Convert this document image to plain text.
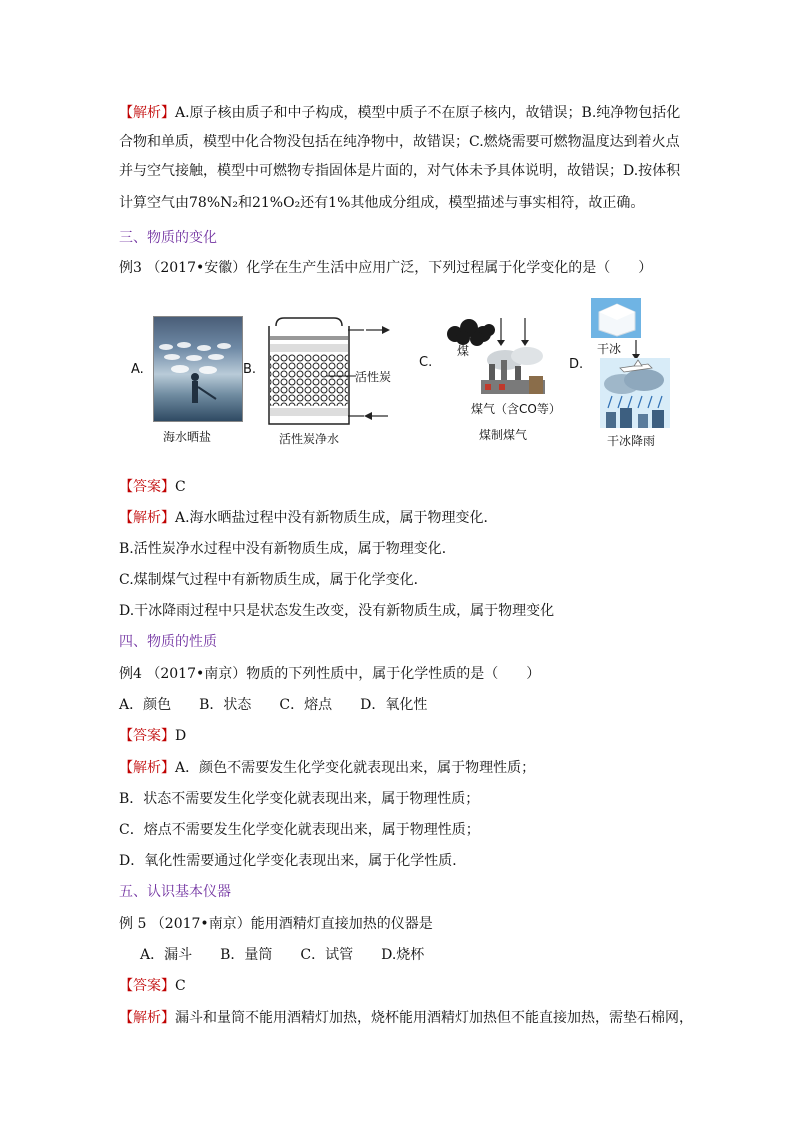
【解析】A.原子核由质子和中子构成，模型中质子不在原子核内，故错误；B.纯净物包括化
合物和单质，模型中化合物没包括在纯净物中，故错误；C.燃烧需要可燃物温度达到着火点
并与空气接触，模型中可燃物专指固体是片面的，对气体未予具体说明，故错误；D.按体积
计算空气由78%N₂和21%O₂还有1%其他成分组成，模型描述与事实相符，故正确。
三、物质的变化
例3 （2017•安徽）化学在生产生活中应用广泛，下列过程属于化学变化的是（　　）
A.
海水晒盐
B.	活性炭
活性炭净水
C.
煤
煤气（含CO等）
煤制煤气
D.
干冰
干冰降雨
【答案】C
【解析】A.海水晒盐过程中没有新物质生成，属于物理变化．
B.活性炭净水过程中没有新物质生成，属于物理变化．
C.煤制煤气过程中有新物质生成，属于化学变化．
D.干冰降雨过程中只是状态发生改变，没有新物质生成，属于物理变化
四、物质的性质
例4 （2017•南京）物质的下列性质中，属于化学性质的是（　　）
A．颜色　　B．状态　　C．熔点　　D．氧化性
【答案】D
【解析】A．颜色不需要发生化学变化就表现出来，属于物理性质；
B．状态不需要发生化学变化就表现出来，属于物理性质；
C．熔点不需要发生化学变化就表现出来，属于物理性质；
D．氧化性需要通过化学变化表现出来，属于化学性质．
五、认识基本仪器
例 5 （2017•南京）能用酒精灯直接加热的仪器是
A．漏斗　　B．量筒　　C．试管　　D.烧杯
【答案】C
【解析】漏斗和量筒不能用酒精灯加热，烧杯能用酒精灯加热但不能直接加热，需垫石棉网，
